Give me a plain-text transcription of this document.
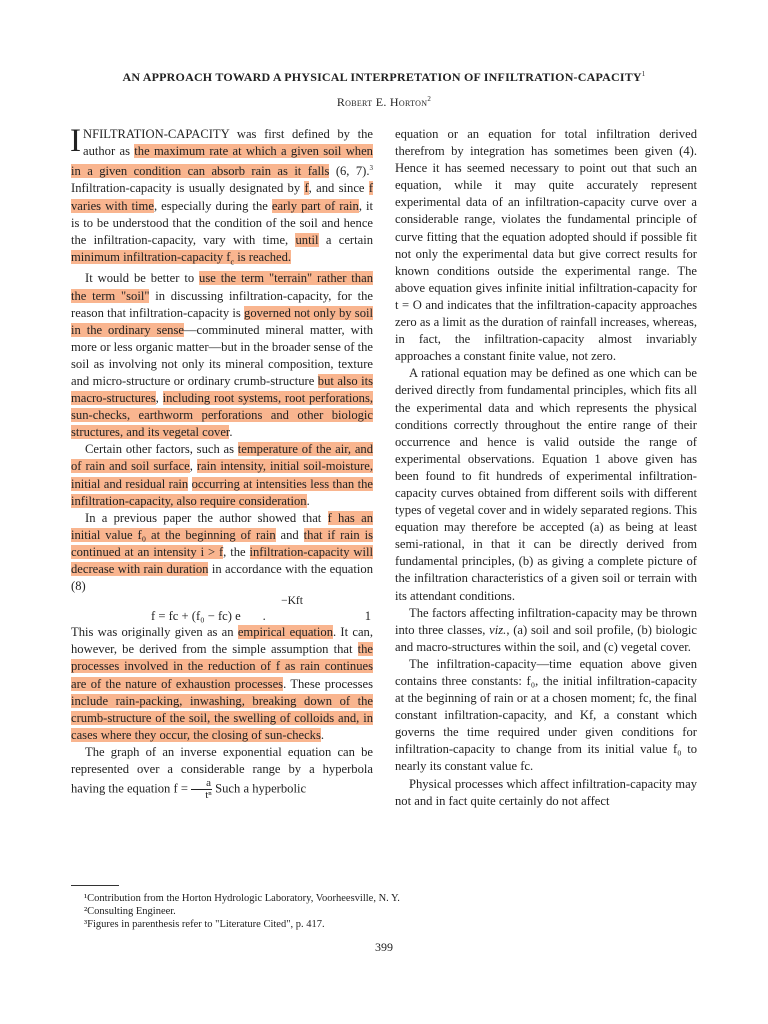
AN APPROACH TOWARD A PHYSICAL INTERPRETATION OF INFILTRATION-CAPACITY$^1$
Robert E. Horton$^2$

INFILTRATION-CAPACITY was first defined by the author as the maximum rate at which a given soil when in a given condition can absorb rain as it falls (6, 7).$^3$ Infiltration-capacity is usually designated by f, and since f varies with time, especially during the early part of rain, it is to be understood that the condition of the soil and hence the infiltration-capacity, vary with time, until a certain minimum infiltration-capacity $f_c$ is reached.

It would be better to use the term "terrain" rather than the term "soil" in discussing infiltration-capacity, for the reason that infiltration-capacity is governed not only by soil in the ordinary sense—comminuted mineral matter, with more or less organic matter—but in the broader sense of the soil as involving not only its mineral composition, texture and micro-structure or ordinary crumb-structure but also its macro-structures, including root systems, root perforations, sun-checks, earthworm perforations and other biologic structures, and its vegetal cover.

Certain other factors, such as temperature of the air, and of rain and soil surface, rain intensity, initial soil-moisture, initial and residual rain occurring at intensities less than the infiltration-capacity, also require consideration.

In a previous paper the author showed that f has an initial value f₀ at the beginning of rain and that if rain is continued at an intensity i > f, the infiltration-capacity will decrease with rain duration in accordance with the equation (8)

−Kft
f = fc + (f₀ − fc) e .	1

This was originally given as an empirical equation. It can, however, be derived from the simple assumption that the processes involved in the reduction of f as rain continues are of the nature of exhaustion processes. These processes include rain-packing, inwashing, breaking down of the crumb-structure of the soil, the swelling of colloids and, in cases where they occur, the closing of sun-checks.

The graph of an inverse exponential equation can be represented over a considerable range by a hyperbola having the equation $f = \frac{a}{\text{tⁿ}}$ Such a hyperbolic

equation or an equation for total infiltration derived therefrom by integration has sometimes been given (4). Hence it has seemed necessary to point out that such an equation, while it may quite accurately represent experimental data of an infiltration-capacity curve over a considerable range, violates the fundamental principle of curve fitting that the equation adopted should if possible fit not only the experimental data but give correct results for known conditions outside the experimental range. The above equation gives infinite initial infiltration-capacity for t = O and indicates that the infiltration-capacity approaches zero as a limit as the duration of rainfall increases, whereas, in fact, the infiltration-capacity almost invariably approaches a constant finite value, not zero.

A rational equation may be defined as one which can be derived directly from fundamental principles, which fits all the experimental data and which represents the physical conditions correctly throughout the entire range of their occurrence and hence is valid outside the range of experimental observations. Equation 1 above given has been found to fit hundreds of experimental infiltration-capacity curves obtained from different soils with different types of vegetal cover and in widely separated regions. This equation may therefore be accepted (a) as being at least semi-rational, in that it can be directly derived from fundamental principles, (b) as giving a complete picture of the infiltration characteristics of a given soil or terrain with its attendant conditions.

The factors affecting infiltration-capacity may be thrown into three classes, viz., (a) soil and soil profile, (b) biologic and macro-structures within the soil, and (c) vegetal cover.

The infiltration-capacity—time equation above given contains three constants: f₀, the initial infiltration-capacity at the beginning of rain or at a chosen moment; fc, the final constant infiltration-capacity, and Kf, a constant which governs the time required under given conditions for infiltration-capacity to change from its initial value f₀ to nearly its constant value fc.

Physical processes which affect infiltration-capacity may not and in fact quite certainly do not affect

¹Contribution from the Horton Hydrologic Laboratory, Voorheesville, N. Y.
²Consulting Engineer.
³Figures in parenthesis refer to "Literature Cited", p. 417.
399
